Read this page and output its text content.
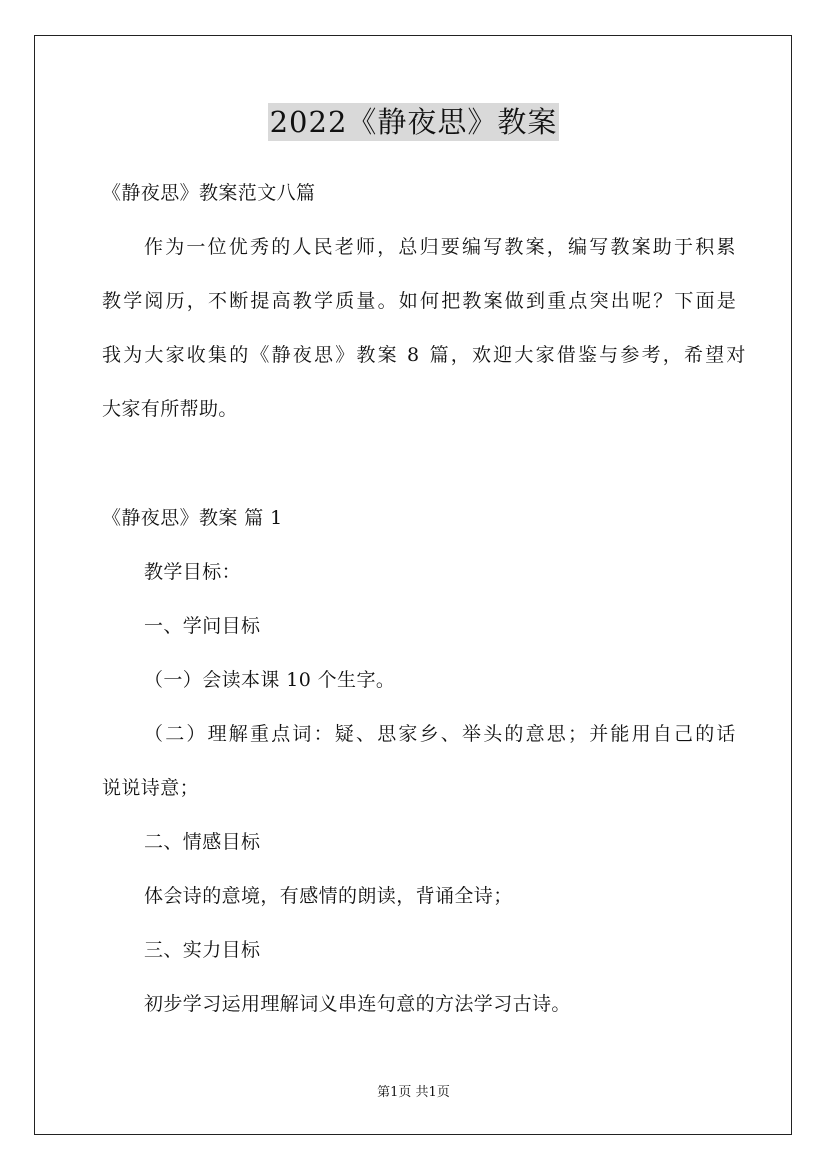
2022《静夜思》教案
《静夜思》教案范文八篇
作为一位优秀的人民老师，总归要编写教案，编写教案助于积累
教学阅历，不断提高教学质量。如何把教案做到重点突出呢？下面是
我为大家收集的《静夜思》教案 8 篇，欢迎大家借鉴与参考，希望对
大家有所帮助。
《静夜思》教案 篇 1
教学目标：
一、学问目标
（一）会读本课 10 个生字。
（二）理解重点词：疑、思家乡、举头的意思；并能用自己的话
说说诗意；
二、情感目标
体会诗的意境，有感情的朗读，背诵全诗；
三、实力目标
初步学习运用理解词义串连句意的方法学习古诗。
第1页 共1页
